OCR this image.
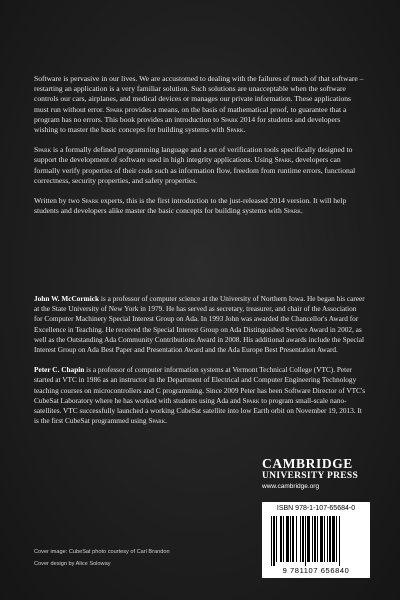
Software is pervasive in our lives. We are accustomed to dealing with the failures of much of that software – restarting an application is a very familiar solution. Such solutions are unacceptable when the software controls our cars, airplanes, and medical devices or manages our private information. These applications must run without error. Spark provides a means, on the basis of mathematical proof, to guarantee that a program has no errors. This book provides an introduction to Spark 2014 for students and developers wishing to master the basic concepts for building systems with Spark.

Spark is a formally defined programming language and a set of verification tools specifically designed to support the development of software used in high integrity applications. Using Spark, developers can formally verify properties of their code such as information flow, freedom from runtime errors, functional correctness, security properties, and safety properties.

Written by two Spark experts, this is the first introduction to the just-released 2014 version. It will help students and developers alike master the basic concepts for building systems with Spark.

John W. McCormick is a professor of computer science at the University of Northern Iowa. He began his career at the State University of New York in 1979. He has served as secretary, treasurer, and chair of the Association for Computer Machinery Special Interest Group on Ada. In 1993 John was awarded the Chancellor's Award for Excellence in Teaching. He received the Special Interest Group on Ada Distinguished Service Award in 2002, as well as the Outstanding Ada Community Contributions Award in 2008. His additional awards include the Special Interest Group on Ada Best Paper and Presentation Award and the Ada Europe Best Presentation Award.

Peter C. Chapin is a professor of computer information systems at Vermont Technical College (VTC). Peter started at VTC in 1986 as an instructor in the Department of Electrical and Computer Engineering Technology teaching courses on microcontrollers and C programming. Since 2009 Peter has been Software Director of VTC's CubeSat Laboratory where he has worked with students using Ada and Spark to program small-scale nano-satellites. VTC successfully launched a working CubeSat satellite into low Earth orbit on November 19, 2013. It is the first CubeSat programmed using Spark.

CAMBRIDGE
UNIVERSITY PRESS
www.cambridge.org
Cover image: CubeSat photo courtesy of Carl Brandon
Cover design by Alice Soloway
ISBN 978-1-107-65684-0
9 781107 656840
